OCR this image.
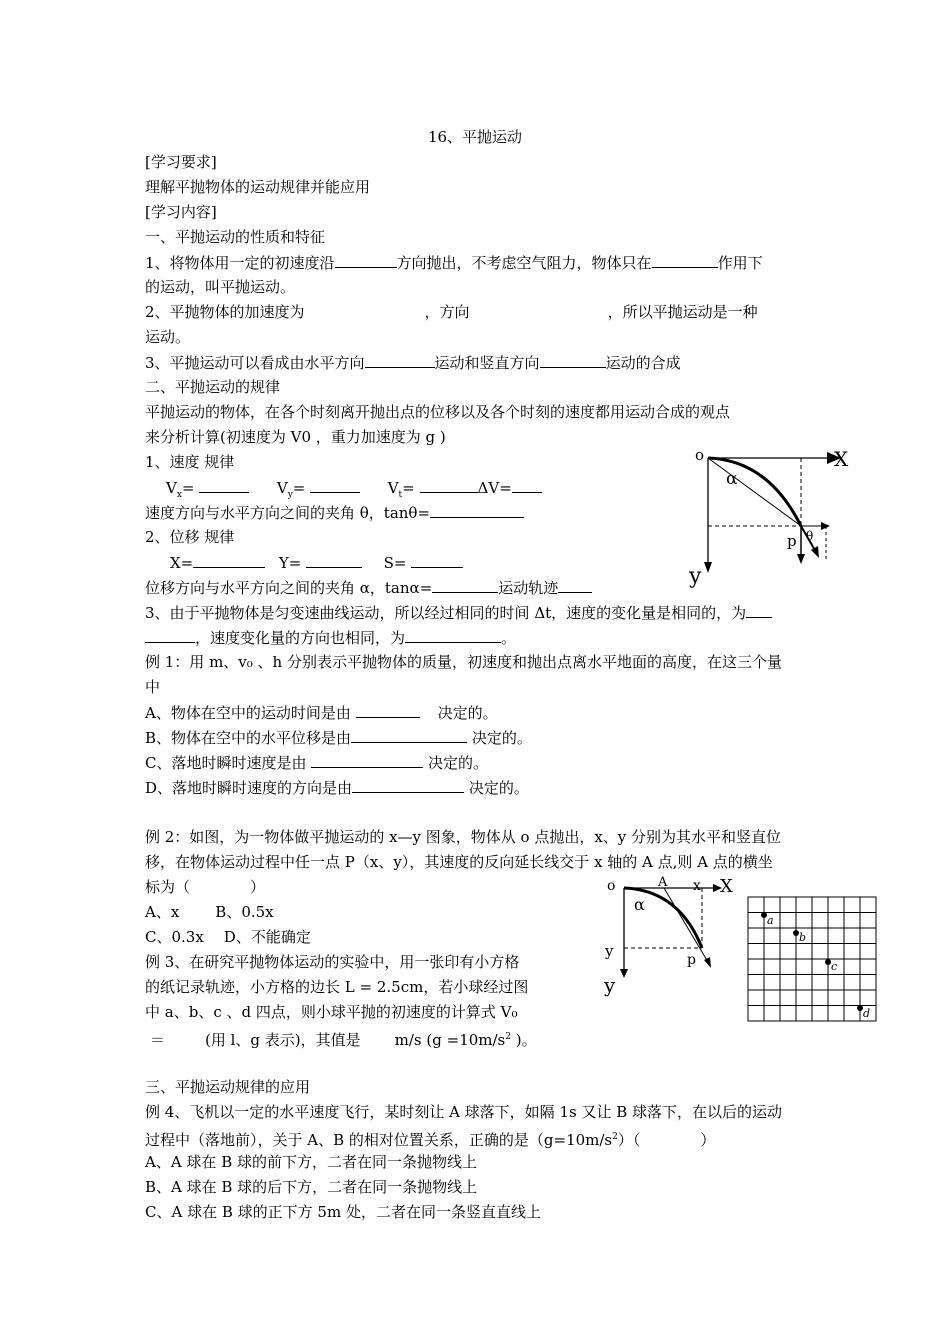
16、平抛运动
[学习要求]
理解平抛物体的运动规律并能应用
[学习内容]
一、平抛运动的性质和特征
1、将物体用一定的初速度沿	方向抛出，不考虑空气阻力，物体只在	作用下
的运动，叫平抛运动。
2、平抛物体的加速度为	，方向	，所以平抛运动是一种
运动。
3、平抛运动可以看成由水平方向	运动和竖直方向	运动的合成
二、平抛运动的规律
平抛运动的物体，在各个时刻离开抛出点的位移以及各个时刻的速度都用运动合成的观点
来分析计算(初速度为 V0 ，重力加速度为 g )
1、速度 规律
$V_x=$	$V_y=$	$V_t=$	ΔV=
速度方向与水平方向之间的夹角 θ，tanθ=
2、位移 规律
X=	Y=	S=
位移方向与水平方向之间的夹角 α，tanα=	运动轨迹
3、由于平抛物体是匀变速曲线运动，所以经过相同的时间 Δt，速度的变化量是相同的，为
，速度变化量的方向也相同，为	。
例 1：用 m、v₀ 、h 分别表示平抛物体的质量，初速度和抛出点离水平地面的高度，在这三个量
中
A、物体在空中的运动时间是由	决定的。
B、物体在空中的水平位移是由	决定的。
C、落地时瞬时速度是由	决定的。
D、落地时瞬时速度的方向是由	决定的。
例 2：如图，为一物体做平抛运动的 x—y 图象，物体从 o 点抛出，x、y 分别为其水平和竖直位
移，在物体运动过程中任一点 P（x、y），其速度的反向延长线交于 x 轴的 A 点,则 A 点的横坐
标为（　　　　）
A、x B、0.5x
C、0.3x D、不能确定
例 3、在研究平抛物体运动的实验中，用一张印有小方格
的纸记录轨迹，小方格的边长 L = 2.5cm，若小球经过图
中 a、b、c 、d 四点，则小球平抛的初速度的计算式 V₀
＝	(用 l、g 表示)，其值是 m/s ($g =10m/s^2$ )。
三、平抛运动规律的应用
例 4、飞机以一定的水平速度飞行，某时刻让 A 球落下，如隔 1s 又让 B 球落下，在以后的运动
过程中（落地前），关于 A、B 的相对位置关系，正确的是$(g=10m/s^2)$（　　　　）
A、A 球在 B 球的前下方，二者在同一条抛物线上
B、A 球在 B 球的后下方，二者在同一条抛物线上
C、A 球在 B 球的正下方 5m 处，二者在同一条竖直直线上
o	X
y
α
p θ
o	A x X
y
y
α
p
a
b
c
d
